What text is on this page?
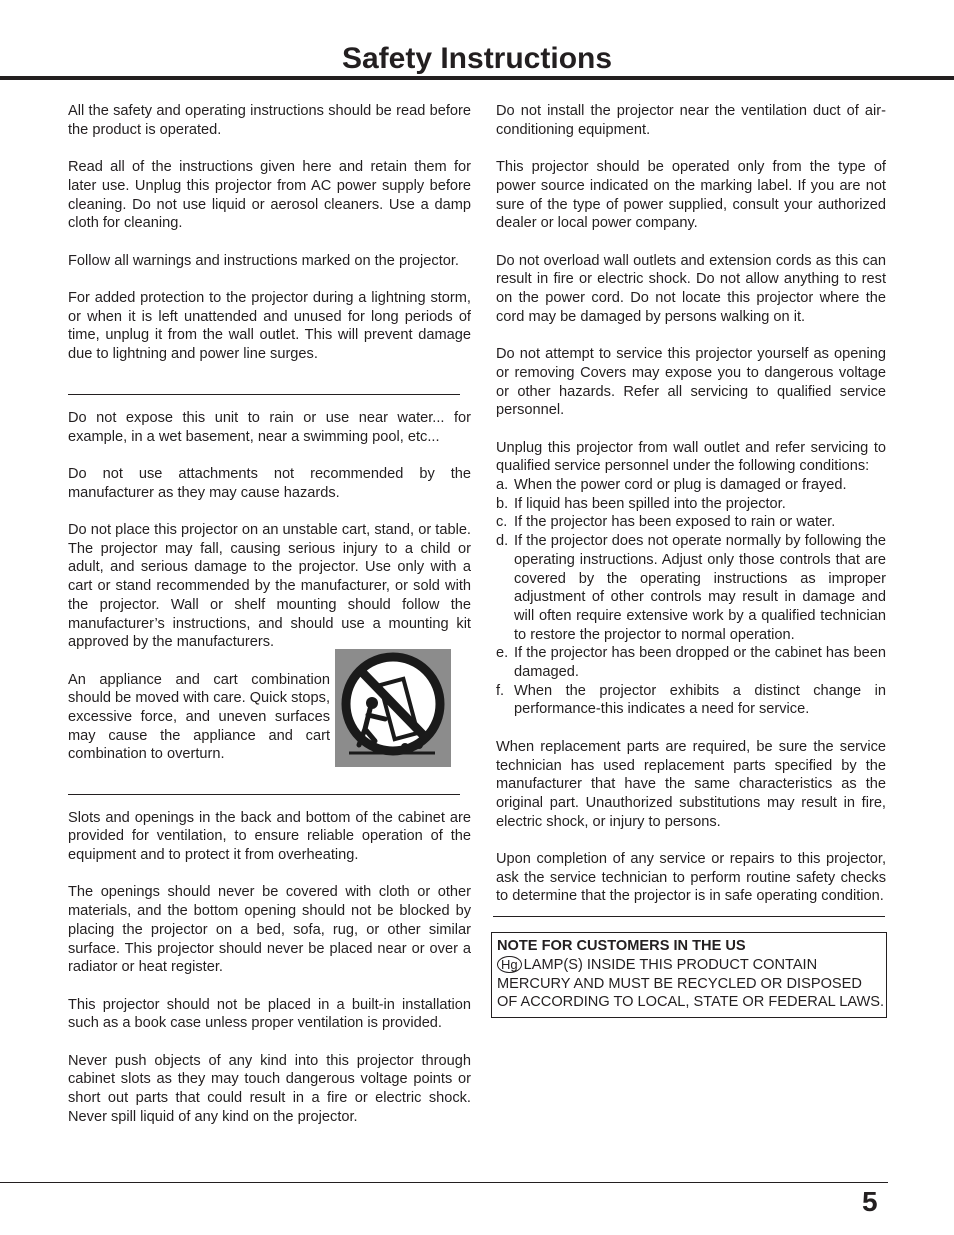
Safety Instructions

All the safety and operating instructions should be read before the product is operated.

Read all of the instructions given here and retain them for later use. Unplug this projector from AC power supply before cleaning. Do not use liquid or aerosol cleaners. Use a damp cloth for cleaning.

Follow all warnings and instructions marked on the projector.

For added protection to the projector during a lightning storm, or when it is left unattended and unused for long periods of time, unplug it from the wall outlet. This will prevent damage due to lightning and power line surges.

Do not expose this unit to rain or use near water... for example, in a wet basement, near a swimming pool, etc...

Do not use attachments not recommended by the manufacturer as they may cause hazards.

Do not place this projector on an unstable cart, stand, or table. The projector may fall, causing serious injury to a child or adult, and serious damage to the projector. Use only with a cart or stand recommended by the manufacturer, or sold with the projector. Wall or shelf mounting should follow the manufacturer’s instructions, and should use a mounting kit approved by the manufacturers.

An appliance and cart combination should be moved with care. Quick stops, excessive force, and uneven surfaces may cause the appliance and cart combination to overturn.

Slots and openings in the back and bottom of the cabinet are provided for ventilation, to ensure reliable operation of the equipment and to protect it from overheating.

The openings should never be covered with cloth or other materials, and the bottom opening should not be blocked by placing the projector on a bed, sofa, rug, or other similar surface. This projector should never be placed near or over a radiator or heat register.

This projector should not be placed in a built-in installation such as a book case unless proper ventilation is provided.

Never push objects of any kind into this projector through cabinet slots as they may touch dangerous voltage points or short out parts that could result in a fire or electric shock. Never spill liquid of any kind on the projector.

Do not install the projector near the ventilation duct of air-conditioning equipment.

This projector should be operated only from the type of power source indicated on the marking label. If you are not sure of the type of power supplied, consult your authorized dealer or local power company.

Do not overload wall outlets and extension cords as this can result in fire or electric shock. Do not allow anything to rest on the power cord. Do not locate this projector where the cord may be damaged by persons walking on it.

Do not attempt to service this projector yourself as opening or removing Covers may expose you to dangerous voltage or other hazards. Refer all servicing to qualified service personnel.

Unplug this projector from wall outlet and refer servicing to qualified service personnel under the following conditions:

a. When the power cord or plug is damaged or frayed.
b. If liquid has been spilled into the projector.
c. If the projector has been exposed to rain or water.
d. If the projector does not operate normally by following the operating instructions. Adjust only those controls that are covered by the operating instructions as improper adjustment of other controls may result in damage and will often require extensive work by a qualified technician to restore the projector to normal operation.
e. If the projector has been dropped or the cabinet has been damaged.
f. When the projector exhibits a distinct change in performance-this indicates a need for service.

When replacement parts are required, be sure the service technician has used replacement parts specified by the manufacturer that have the same characteristics as the original part. Unauthorized substitutions may result in fire, electric shock, or injury to persons.

Upon completion of any service or repairs to this projector, ask the service technician to perform routine safety checks to determine that the projector is in safe operating condition.

NOTE FOR CUSTOMERS IN THE US
Hg LAMP(S) INSIDE THIS PRODUCT CONTAIN MERCURY AND MUST BE RECYCLED OR DISPOSED OF ACCORDING TO LOCAL, STATE OR FEDERAL LAWS.
5
